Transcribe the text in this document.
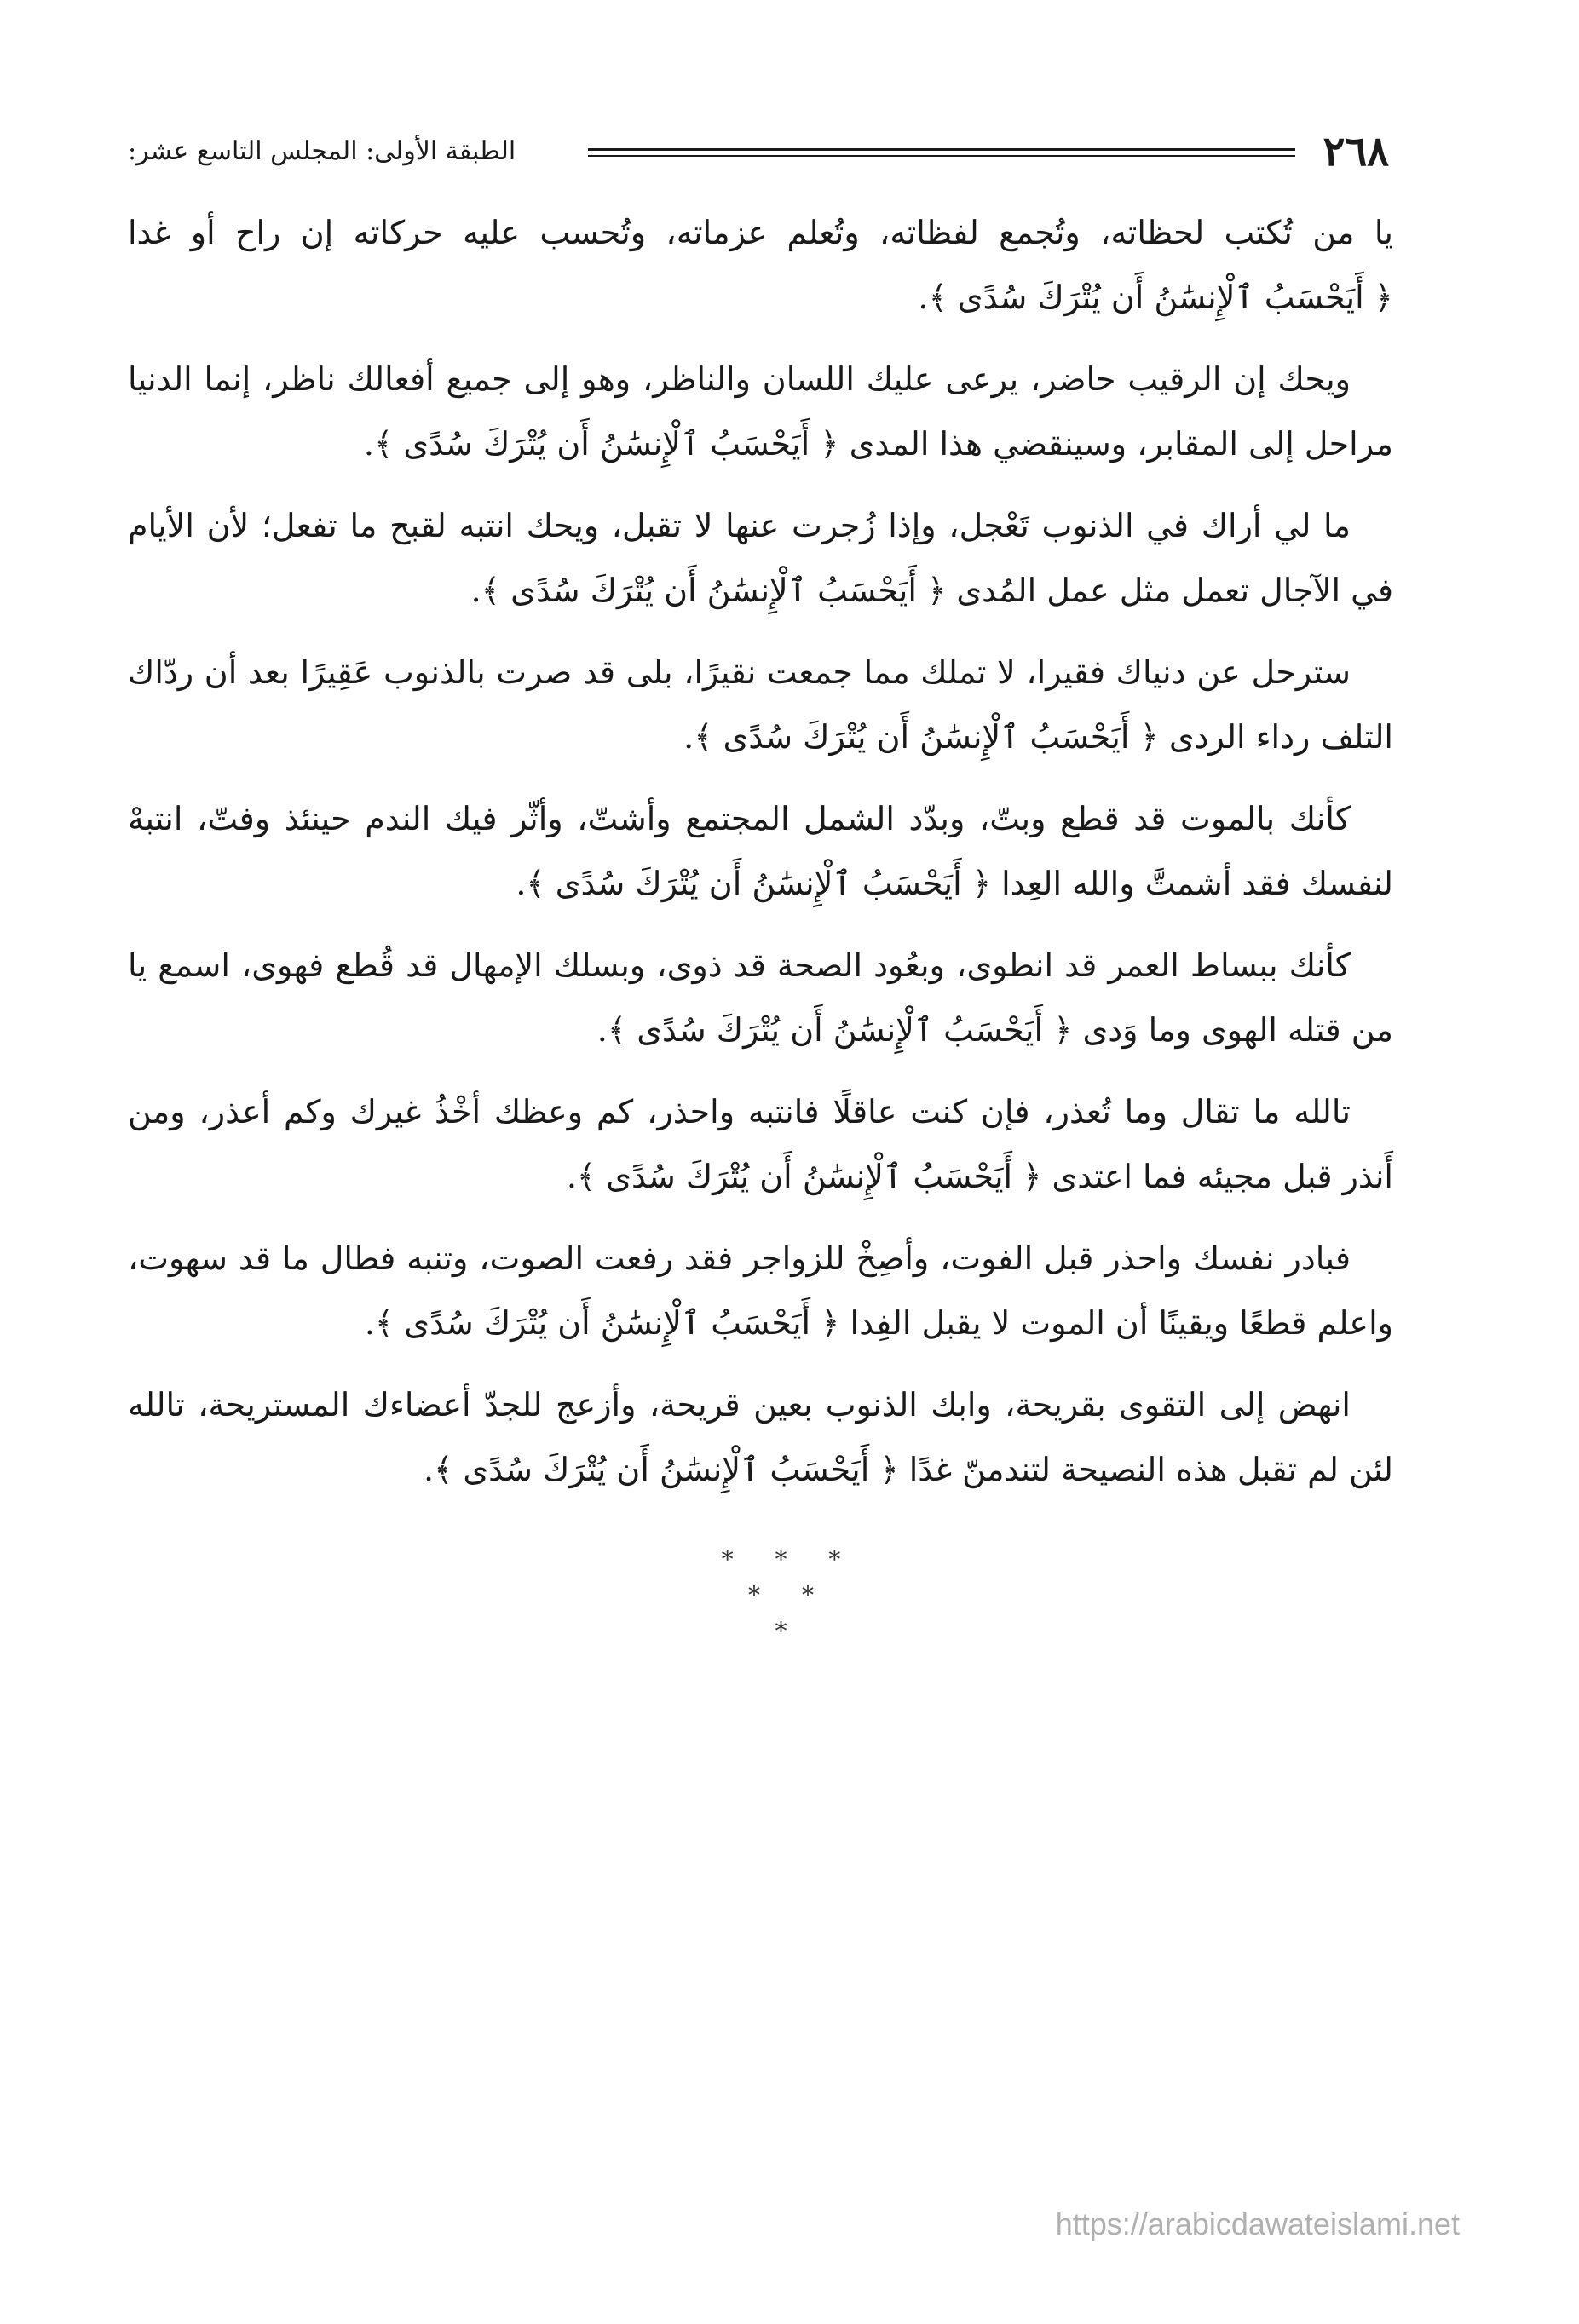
٢٦٨
الطبقة الأولى: المجلس التاسع عشر:

يا من تُكتب لحظاته، وتُجمع لفظاته، وتُعلم عزماته، وتُحسب عليه حركاته إن راح أو غدا ﴿ أَيَحْسَبُ ٱلْإِنسَٰنُ أَن يُتْرَكَ سُدًى ﴾.

ويحك إن الرقيب حاضر، يرعى عليك اللسان والناظر، وهو إلى جميع أفعالك ناظر، إنما الدنيا مراحل إلى المقابر، وسينقضي هذا المدى ﴿ أَيَحْسَبُ ٱلْإِنسَٰنُ أَن يُتْرَكَ سُدًى ﴾.

ما لي أراك في الذنوب تَعْجل، وإذا زُجرت عنها لا تقبل، ويحك انتبه لقبح ما تفعل؛ لأن الأيام في الآجال تعمل مثل عمل المُدى ﴿ أَيَحْسَبُ ٱلْإِنسَٰنُ أَن يُتْرَكَ سُدًى ﴾.

سترحل عن دنياك فقيرا، لا تملك مما جمعت نقيرًا، بلى قد صرت بالذنوب عَقِيرًا بعد أن ردّاك التلف رداء الردى ﴿ أَيَحْسَبُ ٱلْإِنسَٰنُ أَن يُتْرَكَ سُدًى ﴾.

كأنك بالموت قد قطع وبتّ، وبدّد الشمل المجتمع وأشتّ، وأثّر فيك الندم حينئذ وفتّ، انتبهْ لنفسك فقد أشمتَّ والله العِدا ﴿ أَيَحْسَبُ ٱلْإِنسَٰنُ أَن يُتْرَكَ سُدًى ﴾.

كأنك ببساط العمر قد انطوى، وبعُود الصحة قد ذوى، وبسلك الإمهال قد قُطع فهوى، اسمع يا من قتله الهوى وما وَدى ﴿ أَيَحْسَبُ ٱلْإِنسَٰنُ أَن يُتْرَكَ سُدًى ﴾.

تالله ما تقال وما تُعذر، فإن كنت عاقلًا فانتبه واحذر، كم وعظك أخْذُ غيرك وكم أعذر، ومن أَنذر قبل مجيئه فما اعتدى ﴿ أَيَحْسَبُ ٱلْإِنسَٰنُ أَن يُتْرَكَ سُدًى ﴾.

فبادر نفسك واحذر قبل الفوت، وأصِخْ للزواجر فقد رفعت الصوت، وتنبه فطال ما قد سهوت، واعلم قطعًا ويقينًا أن الموت لا يقبل الفِدا ﴿ أَيَحْسَبُ ٱلْإِنسَٰنُ أَن يُتْرَكَ سُدًى ﴾.

انهض إلى التقوى بقريحة، وابك الذنوب بعين قريحة، وأزعج للجدّ أعضاءك المستريحة، تالله لئن لم تقبل هذه النصيحة لتندمنّ غدًا ﴿ أَيَحْسَبُ ٱلْإِنسَٰنُ أَن يُتْرَكَ سُدًى ﴾.

* * *
* *
*
https://arabicdawateislami.net
